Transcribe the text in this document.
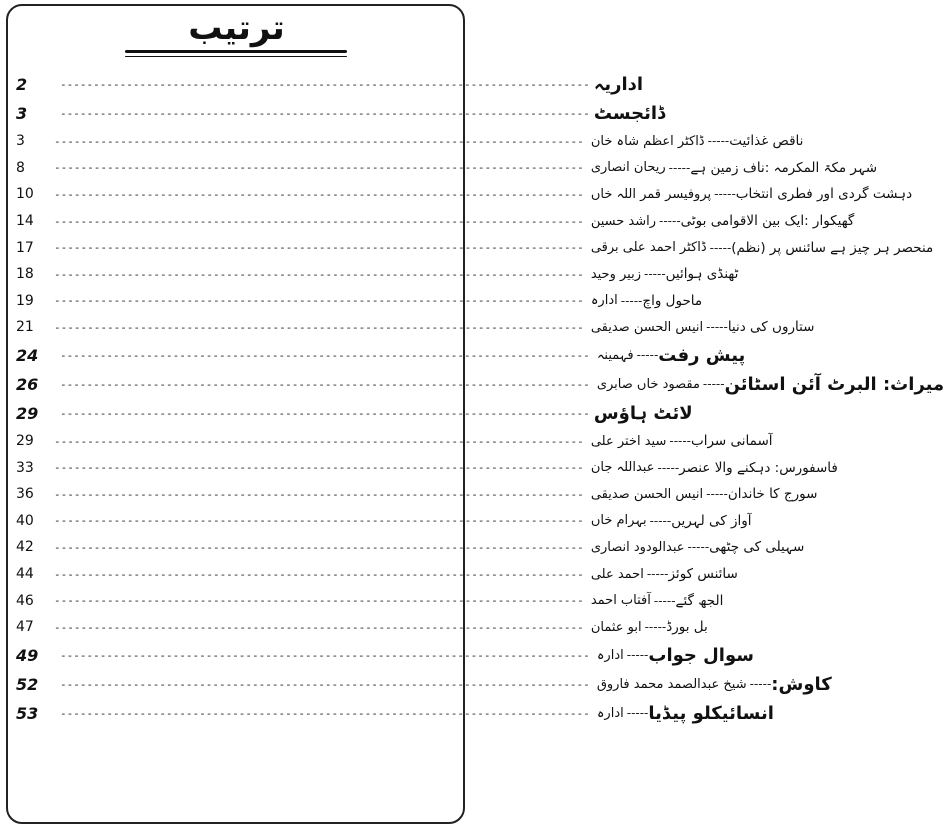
ترتیب
2	-------------------------------------------------------------------------------- اداریہ
3	-------------------------------------------------------------------------------- ڈائجسٹ
3	-------------------------------------------------------------------------------- ڈاکٹر اعظم شاہ خان ----- ناقص غذائیت
8	-------------------------------------------------------------------------------- ریحان انصاری ----- شہر مکۃ المکرمہ :ناف زمین ہے
10	-------------------------------------------------------------------------------- پروفیسر قمر اللہ خاں ----- دہشت گردی اور فطری انتخاب
14	-------------------------------------------------------------------------------- راشد حسین ----- گھیکوار :ایک بین الاقوامی بوٹی
17	-------------------------------------------------------------------------------- ڈاکٹر احمد علی برقی ----- منحصر ہر چیز ہے سائنس پر (نظم)
18	-------------------------------------------------------------------------------- زبیر وحید ----- ٹھنڈی ہوائیں
19	-------------------------------------------------------------------------------- ادارہ ----- ماحول واچ
21	-------------------------------------------------------------------------------- انیس الحسن صدیقی ----- ستاروں کی دنیا
24	-------------------------------------------------------------------------------- فہمینہ ----- پیش رفت
26	-------------------------------------------------------------------------------- مقصود خاں صابری ----- میراث: البرٹ آئن اسٹائن
29	-------------------------------------------------------------------------------- لائٹ ہاؤس
29	-------------------------------------------------------------------------------- سید اختر علی ----- آسمانی سراب
33	-------------------------------------------------------------------------------- عبداللہ جان ----- فاسفورس: دہکنے والا عنصر
36	-------------------------------------------------------------------------------- انیس الحسن صدیقی ----- سورج کا خاندان
40	-------------------------------------------------------------------------------- بہرام خاں ----- آواز کی لہریں
42	-------------------------------------------------------------------------------- عبدالودود انصاری ----- سہیلی کی چٹھی
44	-------------------------------------------------------------------------------- احمد علی ----- سائنس کوئز
46	-------------------------------------------------------------------------------- آفتاب احمد ----- الجھ گئے
47	-------------------------------------------------------------------------------- ابو عثمان ----- بل بورڈ
49	-------------------------------------------------------------------------------- ادارہ ----- سوال جواب
52	-------------------------------------------------------------------------------- شیخ عبدالصمد محمد فاروق ----- کاوش:
53	-------------------------------------------------------------------------------- ادارہ ----- انسائیکلو پیڈیا
